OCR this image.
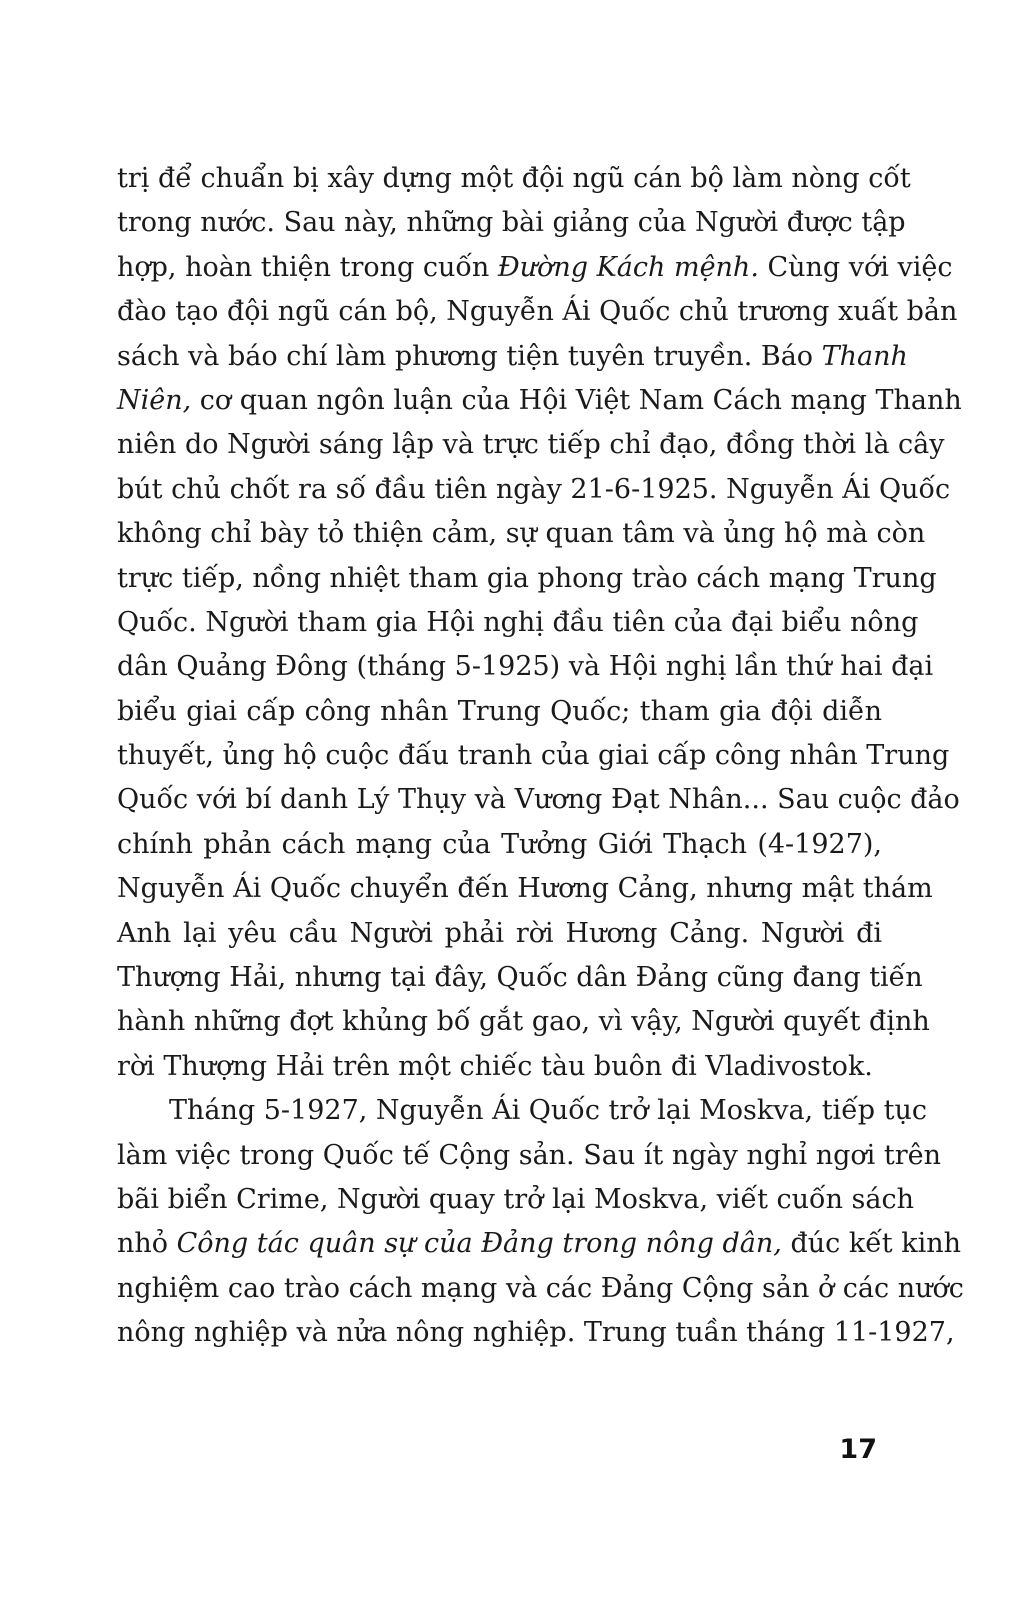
trị để chuẩn bị xây dựng một đội ngũ cán bộ làm nòng cốt
trong nước. Sau này, những bài giảng của Người được tập
hợp, hoàn thiện trong cuốn Đường Kách mệnh. Cùng với việc
đào tạo đội ngũ cán bộ, Nguyễn Ái Quốc chủ trương xuất bản
sách và báo chí làm phương tiện tuyên truyền. Báo Thanh
Niên, cơ quan ngôn luận của Hội Việt Nam Cách mạng Thanh
niên do Người sáng lập và trực tiếp chỉ đạo, đồng thời là cây
bút chủ chốt ra số đầu tiên ngày 21-6-1925. Nguyễn Ái Quốc
không chỉ bày tỏ thiện cảm, sự quan tâm và ủng hộ mà còn
trực tiếp, nồng nhiệt tham gia phong trào cách mạng Trung
Quốc. Người tham gia Hội nghị đầu tiên của đại biểu nông
dân Quảng Đông (tháng 5-1925) và Hội nghị lần thứ hai đại
biểu giai cấp công nhân Trung Quốc; tham gia đội diễn
thuyết, ủng hộ cuộc đấu tranh của giai cấp công nhân Trung
Quốc với bí danh Lý Thụy và Vương Đạt Nhân... Sau cuộc đảo
chính phản cách mạng của Tưởng Giới Thạch (4-1927),
Nguyễn Ái Quốc chuyển đến Hương Cảng, nhưng mật thám
Anh lại yêu cầu Người phải rời Hương Cảng. Người đi
Thượng Hải, nhưng tại đây, Quốc dân Đảng cũng đang tiến
hành những đợt khủng bố gắt gao, vì vậy, Người quyết định
rời Thượng Hải trên một chiếc tàu buôn đi Vladivostok.
Tháng 5-1927, Nguyễn Ái Quốc trở lại Moskva, tiếp tục
làm việc trong Quốc tế Cộng sản. Sau ít ngày nghỉ ngơi trên
bãi biển Crime, Người quay trở lại Moskva, viết cuốn sách
nhỏ Công tác quân sự của Đảng trong nông dân, đúc kết kinh
nghiệm cao trào cách mạng và các Đảng Cộng sản ở các nước
nông nghiệp và nửa nông nghiệp. Trung tuần tháng 11-1927,
17
